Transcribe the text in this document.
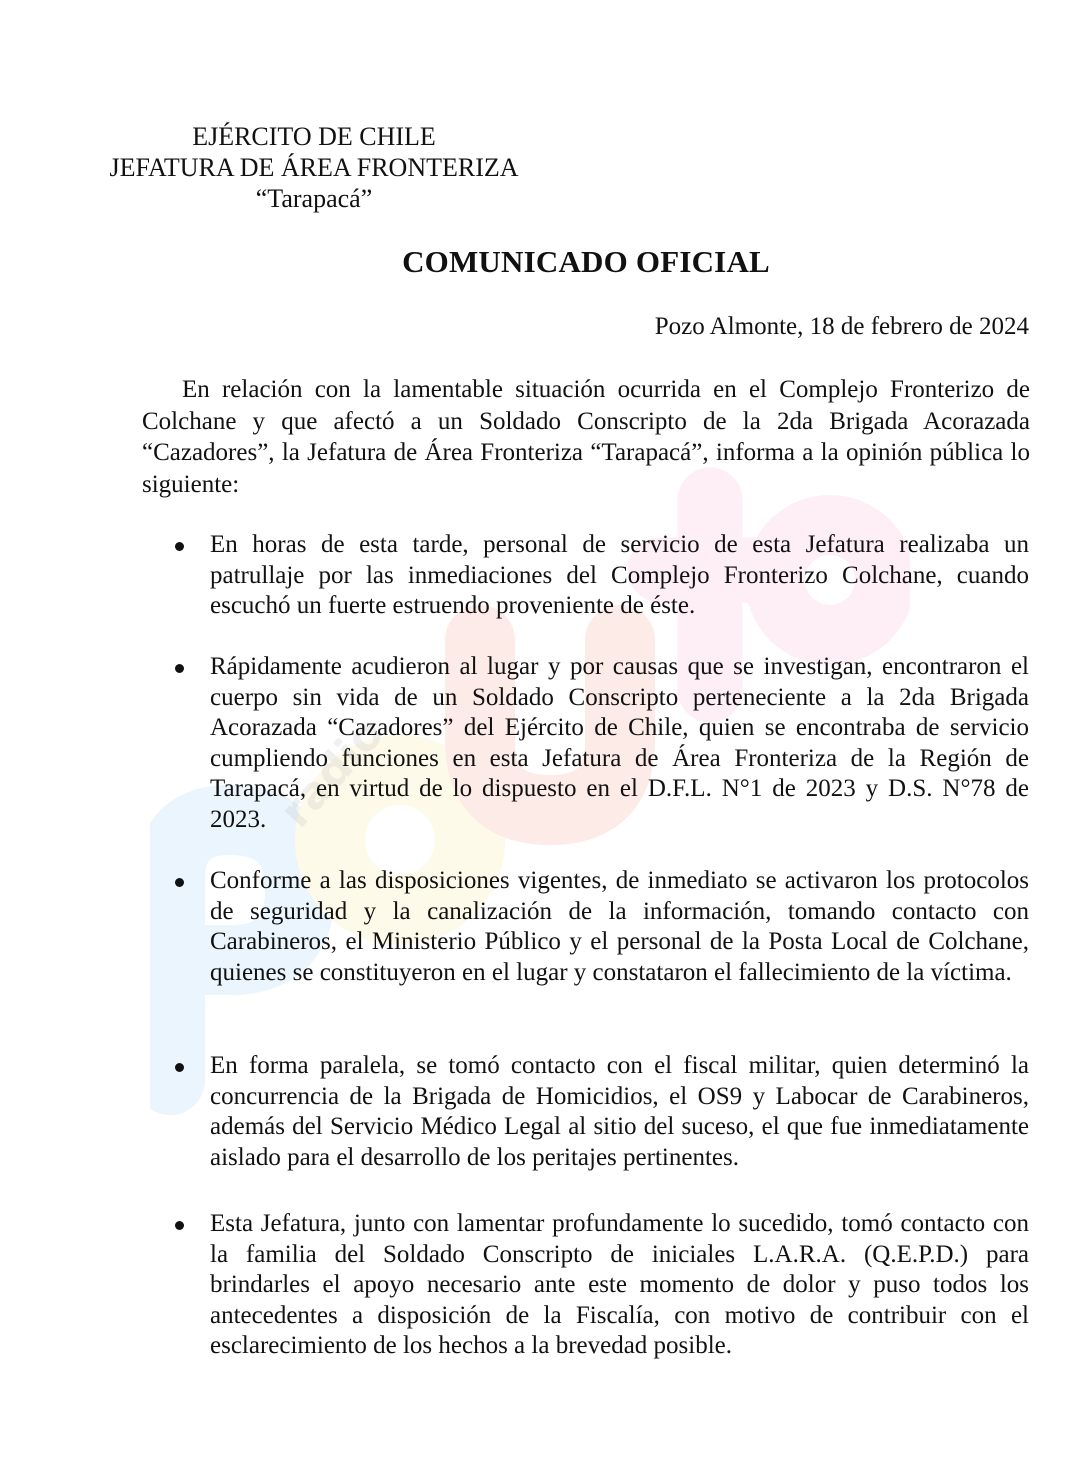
radio
EJÉRCITO DE CHILE
JEFATURA DE ÁREA FRONTERIZA
“Tarapacá”
COMUNICADO OFICIAL
Pozo Almonte, 18 de febrero de 2024

En relación con la lamentable situación ocurrida en el Complejo Fronterizo de Colchane y que afectó a un Soldado Conscripto de la 2da Brigada Acorazada “Cazadores”, la Jefatura de Área Fronteriza “Tarapacá”, informa a la opinión pública lo siguiente:

En horas de esta tarde, personal de servicio de esta Jefatura realizaba un patrullaje por las inmediaciones del Complejo Fronterizo Colchane, cuando escuchó un fuerte estruendo proveniente de éste.
Rápidamente acudieron al lugar y por causas que se investigan, encontraron el cuerpo sin vida de un Soldado Conscripto perteneciente a la 2da Brigada Acorazada “Cazadores” del Ejército de Chile, quien se encontraba de servicio cumpliendo funciones en esta Jefatura de Área Fronteriza de la Región de Tarapacá, en virtud de lo dispuesto en el D.F.L. N°1 de 2023 y D.S. N°78 de 2023.
Conforme a las disposiciones vigentes, de inmediato se activaron los protocolos de seguridad y la canalización de la información, tomando contacto con Carabineros, el Ministerio Público y el personal de la Posta Local de Colchane, quienes se constituyeron en el lugar y constataron el fallecimiento de la víctima.
En forma paralela, se tomó contacto con el fiscal militar, quien determinó la concurrencia de la Brigada de Homicidios, el OS9 y Labocar de Carabineros, además del Servicio Médico Legal al sitio del suceso, el que fue inmediatamente aislado para el desarrollo de los peritajes pertinentes.
Esta Jefatura, junto con lamentar profundamente lo sucedido, tomó contacto con la familia del Soldado Conscripto de iniciales L.A.R.A. (Q.E.P.D.) para brindarles el apoyo necesario ante este momento de dolor y puso todos los antecedentes a disposición de la Fiscalía, con motivo de contribuir con el esclarecimiento de los hechos a la brevedad posible.
